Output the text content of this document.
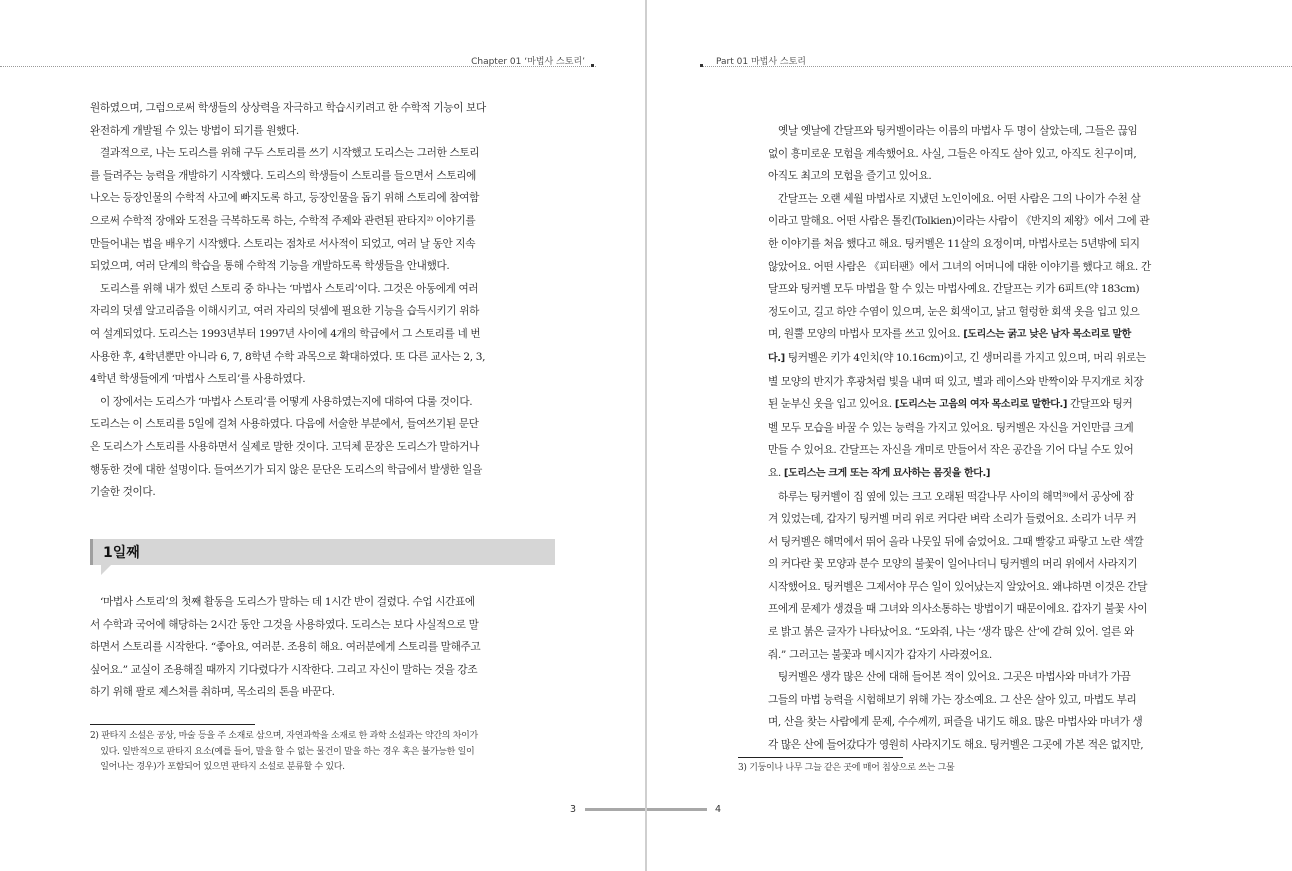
Chapter 01 ‘마법사 스토리’	Part 01 마법사 스토리

원하였으며, 그럼으로써 학생들의 상상력을 자극하고 학습시키려고 한 수학적 기능이 보다
완전하게 개발될 수 있는 방법이 되기를 원했다.

결과적으로, 나는 도리스를 위해 구두 스토리를 쓰기 시작했고 도리스는 그러한 스토리
를 들려주는 능력을 개발하기 시작했다. 도리스의 학생들이 스토리를 들으면서 스토리에
나오는 등장인물의 수학적 사고에 빠지도록 하고, 등장인물을 돕기 위해 스토리에 참여함
으로써 수학적 장애와 도전을 극복하도록 하는, 수학적 주제와 관련된 판타지²⁾ 이야기를
만들어내는 법을 배우기 시작했다. 스토리는 점차로 서사적이 되었고, 여러 날 동안 지속
되었으며, 여러 단계의 학습을 통해 수학적 기능을 개발하도록 학생들을 안내했다.

도리스를 위해 내가 썼던 스토리 중 하나는 ‘마법사 스토리’이다. 그것은 아동에게 여러
자리의 덧셈 알고리즘을 이해시키고, 여러 자리의 덧셈에 필요한 기능을 습득시키기 위하
여 설계되었다. 도리스는 1993년부터 1997년 사이에 4개의 학급에서 그 스토리를 네 번
사용한 후, 4학년뿐만 아니라 6, 7, 8학년 수학 과목으로 확대하였다. 또 다른 교사는 2, 3,
4학년 학생들에게 ‘마법사 스토리’를 사용하였다.

이 장에서는 도리스가 ‘마법사 스토리’를 어떻게 사용하였는지에 대하여 다룰 것이다.
도리스는 이 스토리를 5일에 걸쳐 사용하였다. 다음에 서술한 부분에서, 들여쓰기된 문단
은 도리스가 스토리를 사용하면서 실제로 말한 것이다. 고딕체 문장은 도리스가 말하거나
행동한 것에 대한 설명이다. 들여쓰기가 되지 않은 문단은 도리스의 학급에서 발생한 일을
기술한 것이다.

1일째

‘마법사 스토리’의 첫째 활동을 도리스가 말하는 데 1시간 반이 걸렸다. 수업 시간표에
서 수학과 국어에 해당하는 2시간 동안 그것을 사용하였다. 도리스는 보다 사실적으로 말
하면서 스토리를 시작한다. “좋아요, 여러분. 조용히 해요. 여러분에게 스토리를 말해주고
싶어요.” 교실이 조용해질 때까지 기다렸다가 시작한다. 그리고 자신이 말하는 것을 강조
하기 위해 팔로 제스처를 취하며, 목소리의 톤을 바꾼다.

2) 판타지 소설은 공상, 마술 등을 주 소재로 삼으며, 자연과학을 소재로 한 과학 소설과는 약간의 차이가
있다. 일반적으로 판타지 요소(예를 들어, 말을 할 수 없는 물건이 말을 하는 경우 혹은 불가능한 일이
일어나는 경우)가 포함되어 있으면 판타지 소설로 분류할 수 있다.
3

옛날 옛날에 간달프와 팅커벨이라는 이름의 마법사 두 명이 살았는데, 그들은 끊임
없이 흥미로운 모험을 계속했어요. 사실, 그들은 아직도 살아 있고, 아직도 친구이며,
아직도 최고의 모험을 즐기고 있어요.

간달프는 오랜 세월 마법사로 지냈던 노인이에요. 어떤 사람은 그의 나이가 수천 살
이라고 말해요. 어떤 사람은 톨킨(Tolkien)이라는 사람이 《반지의 제왕》에서 그에 관
한 이야기를 처음 했다고 해요. 팅커벨은 11살의 요정이며, 마법사로는 5년밖에 되지
않았어요. 어떤 사람은 《피터팬》에서 그녀의 어머니에 대한 이야기를 했다고 해요. 간
달프와 팅커벨 모두 마법을 할 수 있는 마법사예요. 간달프는 키가 6피트(약 183cm)
정도이고, 길고 하얀 수염이 있으며, 눈은 회색이고, 낡고 헐렁한 회색 옷을 입고 있으
며, 원뿔 모양의 마법사 모자를 쓰고 있어요. [도리스는 굵고 낮은 남자 목소리로 말한
다.] 팅커벨은 키가 4인치(약 10.16cm)이고, 긴 생머리를 가지고 있으며, 머리 위로는
별 모양의 반지가 후광처럼 빛을 내며 떠 있고, 별과 레이스와 반짝이와 무지개로 치장
된 눈부신 옷을 입고 있어요. [도리스는 고음의 여자 목소리로 말한다.] 간달프와 팅커
벨 모두 모습을 바꿀 수 있는 능력을 가지고 있어요. 팅커벨은 자신을 거인만큼 크게
만들 수 있어요. 간달프는 자신을 개미로 만들어서 작은 공간을 기어 다닐 수도 있어
요. [도리스는 크게 또는 작게 묘사하는 몸짓을 한다.]

하루는 팅커벨이 집 옆에 있는 크고 오래된 떡갈나무 사이의 해먹³⁾에서 공상에 잠
겨 있었는데, 갑자기 팅커벨 머리 위로 커다란 벼락 소리가 들렸어요. 소리가 너무 커
서 팅커벨은 해먹에서 뛰어 올라 나뭇잎 뒤에 숨었어요. 그때 빨갛고 파랗고 노란 색깔
의 커다란 꽃 모양과 분수 모양의 불꽃이 일어나더니 팅커벨의 머리 위에서 사라지기
시작했어요. 팅커벨은 그제서야 무슨 일이 있어났는지 알았어요. 왜냐하면 이것은 간달
프에게 문제가 생겼을 때 그녀와 의사소통하는 방법이기 때문이에요. 갑자기 불꽃 사이
로 밝고 붉은 글자가 나타났어요. “도와줘, 나는 ‘생각 많은 산’에 갇혀 있어. 얼른 와
줘.” 그러고는 불꽃과 메시지가 갑자기 사라졌어요.

팅커벨은 생각 많은 산에 대해 들어본 적이 있어요. 그곳은 마법사와 마녀가 가끔
그들의 마법 능력을 시험해보기 위해 가는 장소예요. 그 산은 살아 있고, 마법도 부리
며, 산을 찾는 사람에게 문제, 수수께끼, 퍼즐을 내기도 해요. 많은 마법사와 마녀가 생
각 많은 산에 들어갔다가 영원히 사라지기도 해요. 팅커벨은 그곳에 가본 적은 없지만,

3) 기둥이나 나무 그늘 같은 곳에 매어 침상으로 쓰는 그물
4
